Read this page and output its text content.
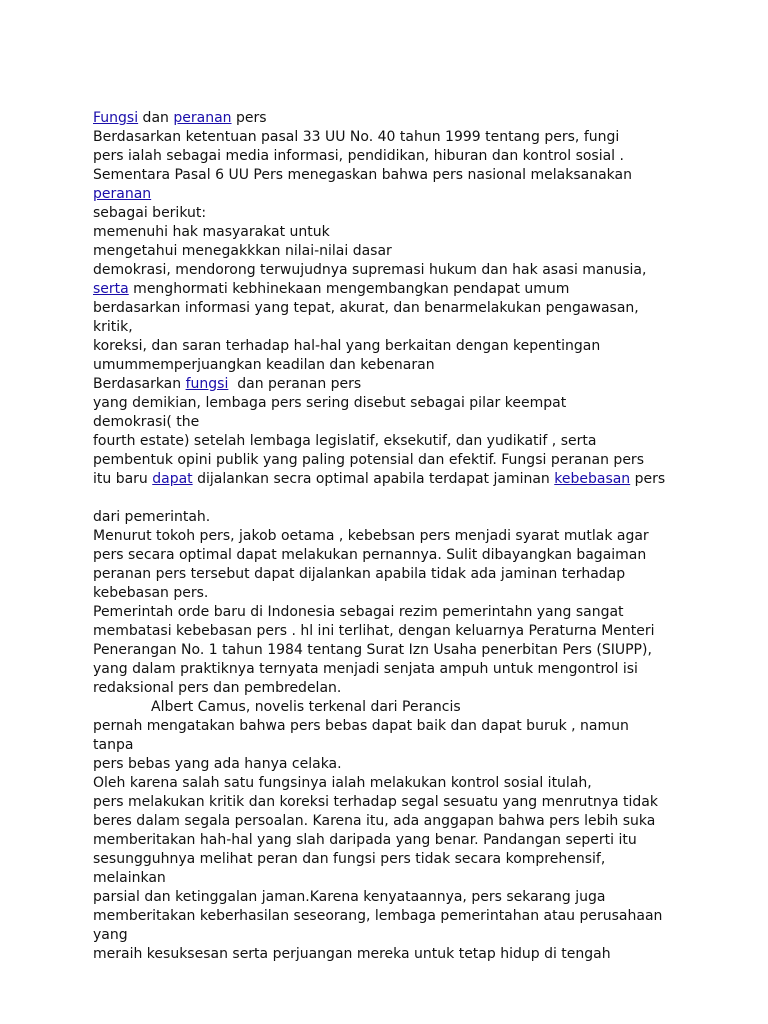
Fungsi dan peranan pers
Berdasarkan ketentuan pasal 33 UU No. 40 tahun 1999 tentang pers, fungi
pers ialah sebagai media informasi, pendidikan, hiburan dan kontrol sosial .
Sementara Pasal 6 UU Pers menegaskan bahwa pers nasional melaksanakan
peranan
sebagai berikut:
memenuhi hak masyarakat untuk
mengetahui menegakkkan nilai-nilai dasar
demokrasi, mendorong terwujudnya supremasi hukum dan hak asasi manusia,
serta menghormati kebhinekaan mengembangkan pendapat umum
berdasarkan informasi yang tepat, akurat, dan benarmelakukan pengawasan,
kritik,
koreksi, dan saran terhadap hal-hal yang berkaitan dengan kepentingan
umummemperjuangkan keadilan dan kebenaran
Berdasarkan fungsi  dan peranan pers
yang demikian, lembaga pers sering disebut sebagai pilar keempat
demokrasi( the
fourth estate) setelah lembaga legislatif, eksekutif, dan yudikatif , serta
pembentuk opini publik yang paling potensial dan efektif. Fungsi peranan pers
itu baru dapat dijalankan secra optimal apabila terdapat jaminan kebebasan pers
dari pemerintah.
Menurut tokoh pers, jakob oetama , kebebsan pers menjadi syarat mutlak agar
pers secara optimal dapat melakukan pernannya. Sulit dibayangkan bagaiman
peranan pers tersebut dapat dijalankan apabila tidak ada jaminan terhadap
kebebasan pers.
Pemerintah orde baru di Indonesia sebagai rezim pemerintahn yang sangat
membatasi kebebasan pers . hl ini terlihat, dengan keluarnya Peraturna Menteri
Penerangan No. 1 tahun 1984 tentang Surat Izn Usaha penerbitan Pers (SIUPP),
yang dalam praktiknya ternyata menjadi senjata ampuh untuk mengontrol isi
redaksional pers dan pembredelan.
Albert Camus, novelis terkenal dari Perancis
pernah mengatakan bahwa pers bebas dapat baik dan dapat buruk , namun
tanpa
pers bebas yang ada hanya celaka.
Oleh karena salah satu fungsinya ialah melakukan kontrol sosial itulah,
pers melakukan kritik dan koreksi terhadap segal sesuatu yang menrutnya tidak
beres dalam segala persoalan. Karena itu, ada anggapan bahwa pers lebih suka
memberitakan hah-hal yang slah daripada yang benar. Pandangan seperti itu
sesungguhnya melihat peran dan fungsi pers tidak secara komprehensif,
melainkan
parsial dan ketinggalan jaman.Karena kenyataannya, pers sekarang juga
memberitakan keberhasilan seseorang, lembaga pemerintahan atau perusahaan
yang
meraih kesuksesan serta perjuangan mereka untuk tetap hidup di tengah
